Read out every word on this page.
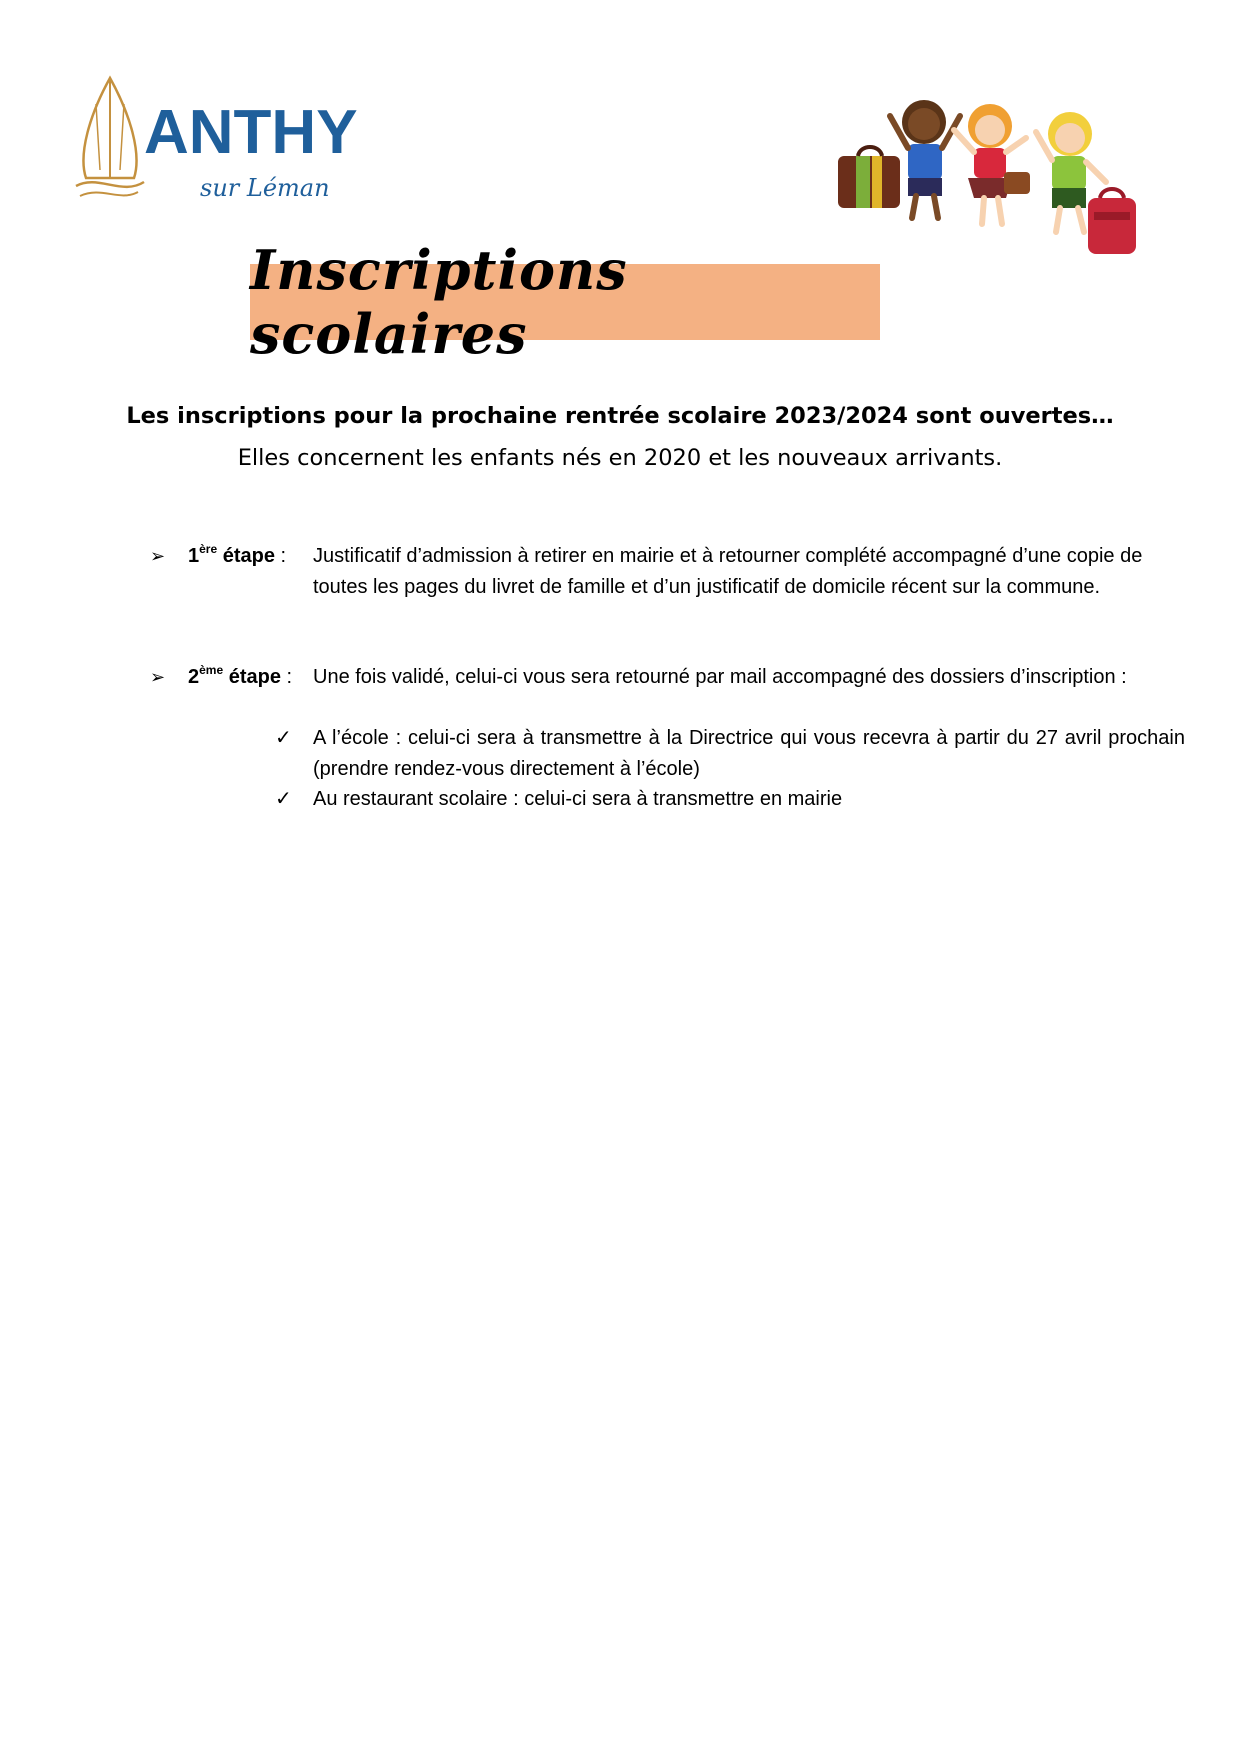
ANTHY
sur Léman
Inscriptions scolaires
Les inscriptions pour la prochaine rentrée scolaire 2023/2024 sont ouvertes…
Elles concernent les enfants nés en 2020 et les nouveaux arrivants.
➢ 1ère étape : Justificatif d’admission à retirer en mairie et à retourner complété accompagné d’une copie de toutes les pages du livret de famille et d’un justificatif de domicile récent sur la commune.
➢ 2ème étape : Une fois validé, celui-ci vous sera retourné par mail accompagné des dossiers d’inscription :
✓ A l’école : celui-ci sera à transmettre à la Directrice qui vous recevra à partir du 27 avril prochain (prendre rendez-vous directement à l’école)
✓ Au restaurant scolaire : celui-ci sera à transmettre en mairie
